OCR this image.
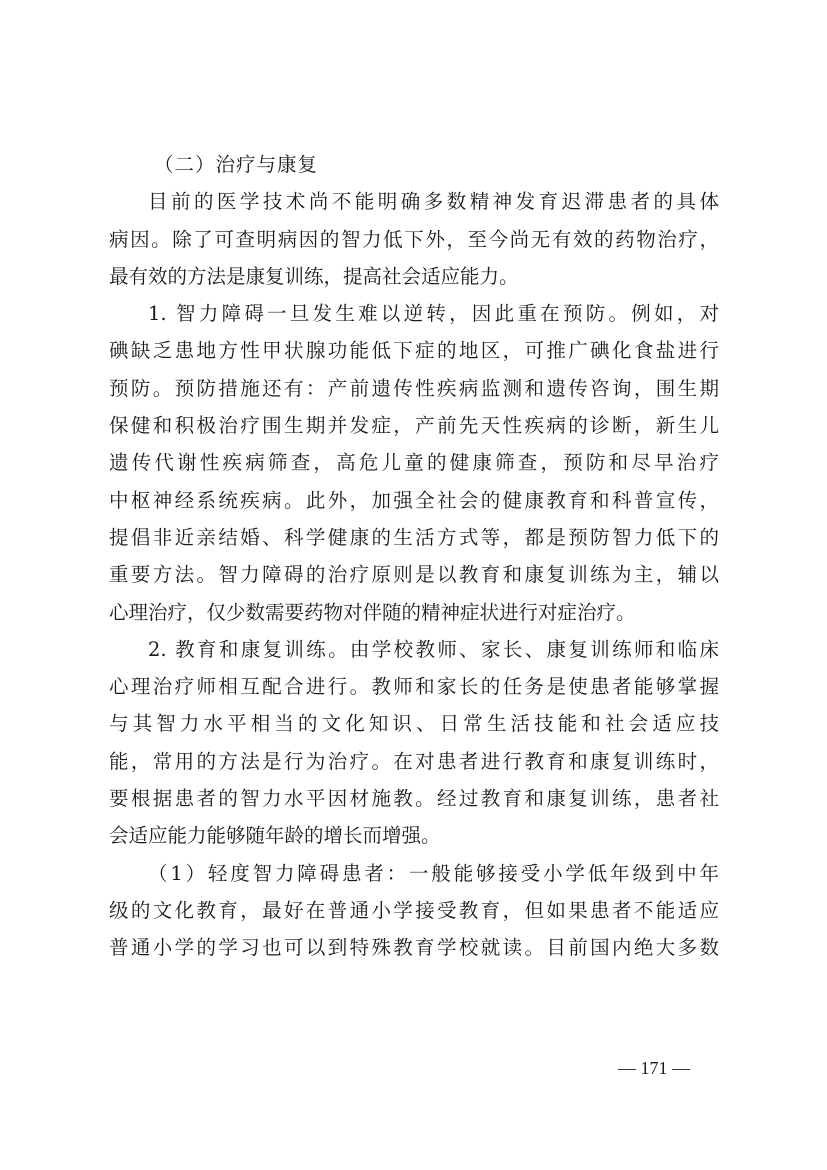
（二）治疗与康复
目前的医学技术尚不能明确多数精神发育迟滞患者的具体
病因。除了可查明病因的智力低下外，至今尚无有效的药物治疗，
最有效的方法是康复训练，提高社会适应能力。
1. 智力障碍一旦发生难以逆转，因此重在预防。例如，对
碘缺乏患地方性甲状腺功能低下症的地区，可推广碘化食盐进行
预防。预防措施还有：产前遗传性疾病监测和遗传咨询，围生期
保健和积极治疗围生期并发症，产前先天性疾病的诊断，新生儿
遗传代谢性疾病筛查，高危儿童的健康筛查，预防和尽早治疗
中枢神经系统疾病。此外，加强全社会的健康教育和科普宣传，
提倡非近亲结婚、科学健康的生活方式等，都是预防智力低下的
重要方法。智力障碍的治疗原则是以教育和康复训练为主，辅以
心理治疗，仅少数需要药物对伴随的精神症状进行对症治疗。
2. 教育和康复训练。由学校教师、家长、康复训练师和临床
心理治疗师相互配合进行。教师和家长的任务是使患者能够掌握
与其智力水平相当的文化知识、日常生活技能和社会适应技
能，常用的方法是行为治疗。在对患者进行教育和康复训练时，
要根据患者的智力水平因材施教。经过教育和康复训练，患者社
会适应能力能够随年龄的增长而增强。
（1）轻度智力障碍患者：一般能够接受小学低年级到中年
级的文化教育，最好在普通小学接受教育，但如果患者不能适应
普通小学的学习也可以到特殊教育学校就读。目前国内绝大多数
— 171 —
